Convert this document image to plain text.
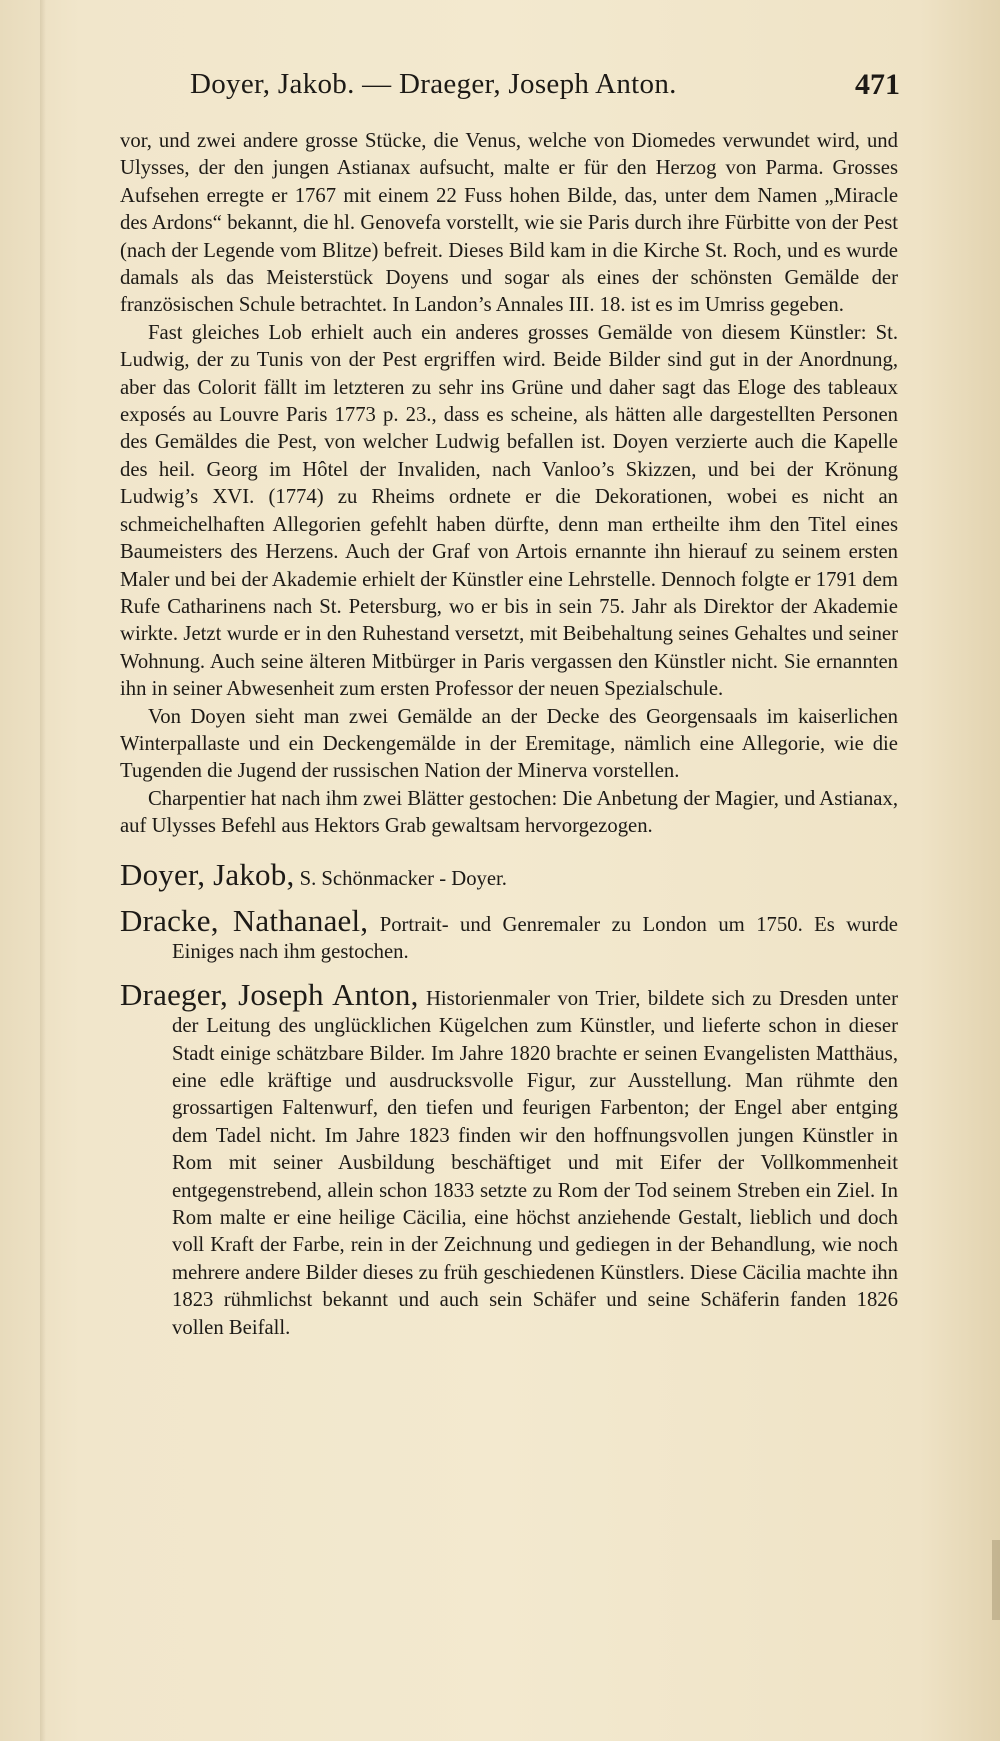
Doyer, Jakob. — Draeger, Joseph Anton.	471

vor, und zwei andere grosse Stücke, die Venus, welche von Diomedes verwundet wird, und Ulysses, der den jungen Astianax aufsucht, malte er für den Herzog von Parma. Grosses Aufsehen erregte er 1767 mit einem 22 Fuss hohen Bilde, das, unter dem Namen „Miracle des Ardons“ bekannt, die hl. Genovefa vorstellt, wie sie Paris durch ihre Fürbitte von der Pest (nach der Legende vom Blitze) befreit. Dieses Bild kam in die Kirche St. Roch, und es wurde damals als das Meisterstück Doyens und sogar als eines der schönsten Gemälde der französischen Schule betrachtet. In Landon’s Annales III. 18. ist es im Umriss gegeben.

Fast gleiches Lob erhielt auch ein anderes grosses Gemälde von diesem Künstler: St. Ludwig, der zu Tunis von der Pest ergriffen wird. Beide Bilder sind gut in der Anordnung, aber das Colorit fällt im letzteren zu sehr ins Grüne und daher sagt das Eloge des tableaux exposés au Louvre Paris 1773 p. 23., dass es scheine, als hätten alle dargestellten Personen des Gemäldes die Pest, von welcher Ludwig befallen ist. Doyen verzierte auch die Kapelle des heil. Georg im Hôtel der Invaliden, nach Vanloo’s Skizzen, und bei der Krönung Ludwig’s XVI. (1774) zu Rheims ordnete er die Dekorationen, wobei es nicht an schmeichelhaften Allegorien gefehlt haben dürfte, denn man ertheilte ihm den Titel eines Baumeisters des Herzens. Auch der Graf von Artois ernannte ihn hierauf zu seinem ersten Maler und bei der Akademie erhielt der Künstler eine Lehrstelle. Dennoch folgte er 1791 dem Rufe Catharinens nach St. Petersburg, wo er bis in sein 75. Jahr als Direktor der Akademie wirkte. Jetzt wurde er in den Ruhestand versetzt, mit Beibehaltung seines Gehaltes und seiner Wohnung. Auch seine älteren Mitbürger in Paris vergassen den Künstler nicht. Sie ernannten ihn in seiner Abwesenheit zum ersten Professor der neuen Spezialschule.

Von Doyen sieht man zwei Gemälde an der Decke des Georgensaals im kaiserlichen Winterpallaste und ein Deckengemälde in der Eremitage, nämlich eine Allegorie, wie die Tugenden die Jugend der russischen Nation der Minerva vorstellen.

Charpentier hat nach ihm zwei Blätter gestochen: Die Anbetung der Magier, und Astianax, auf Ulysses Befehl aus Hektors Grab gewaltsam hervorgezogen.

Doyer, Jakob, S. Schönmacker - Doyer.

Dracke, Nathanael, Portrait- und Genremaler zu London um 1750. Es wurde Einiges nach ihm gestochen.

Draeger, Joseph Anton, Historienmaler von Trier, bildete sich zu Dresden unter der Leitung des unglücklichen Kügelchen zum Künstler, und lieferte schon in dieser Stadt einige schätzbare Bilder. Im Jahre 1820 brachte er seinen Evangelisten Matthäus, eine edle kräftige und ausdrucksvolle Figur, zur Ausstellung. Man rühmte den grossartigen Faltenwurf, den tiefen und feurigen Farbenton; der Engel aber entging dem Tadel nicht. Im Jahre 1823 finden wir den hoffnungsvollen jungen Künstler in Rom mit seiner Ausbildung beschäftiget und mit Eifer der Vollkommenheit entgegenstrebend, allein schon 1833 setzte zu Rom der Tod seinem Streben ein Ziel. In Rom malte er eine heilige Cäcilia, eine höchst anziehende Gestalt, lieblich und doch voll Kraft der Farbe, rein in der Zeichnung und gediegen in der Behandlung, wie noch mehrere andere Bilder dieses zu früh geschiedenen Künstlers. Diese Cäcilia machte ihn 1823 rühmlichst bekannt und auch sein Schäfer und seine Schäferin fanden 1826 vollen Beifall.
